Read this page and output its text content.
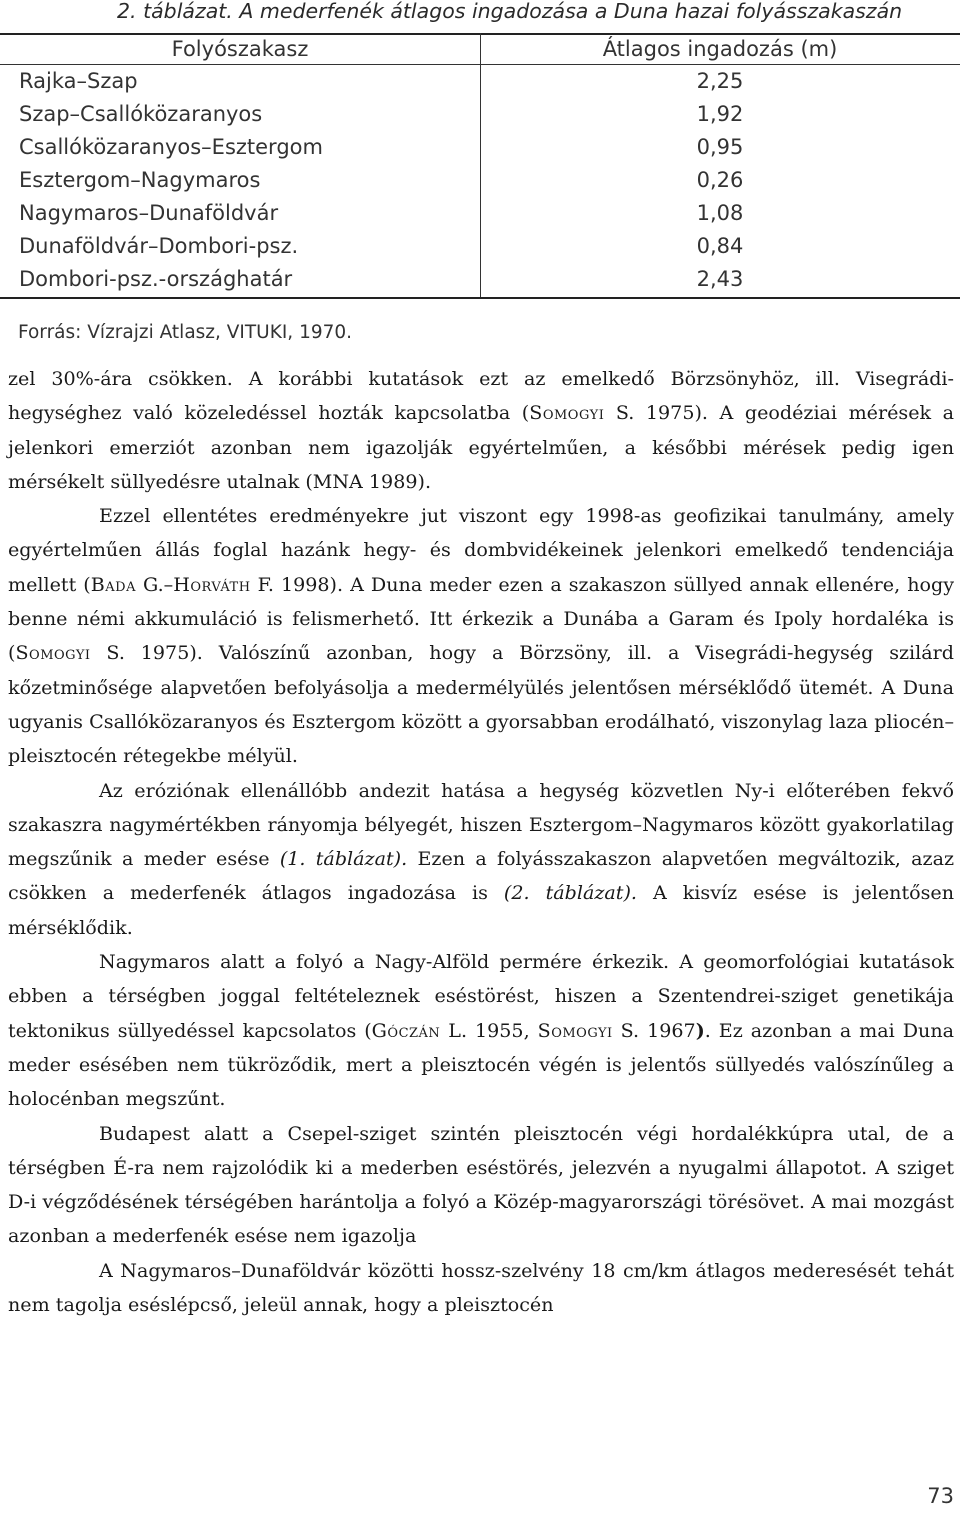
2. táblázat. A mederfenék átlagos ingadozása a Duna hazai folyásszakaszán
Folyószakasz	Átlagos ingadozás (m)
Rajka–Szap	2,25
Szap–Csallóközaranyos	1,92
Csallóközaranyos–Esztergom	0,95
Esztergom–Nagymaros	0,26
Nagymaros–Dunaföldvár	1,08
Dunaföldvár–Dombori-psz.	0,84
Dombori-psz.-országhatár	2,43
Forrás: Vízrajzi Atlasz, VITUKI, 1970.

zel 30%-ára csökken. A korábbi kutatások ezt az emelkedő Börzsönyhöz, ill. Visegrádi-hegységhez való közeledéssel hozták kapcsolatba (Somogyi S. 1975). A geodéziai mérések a jelenkori emerziót azonban nem igazolják egyértelműen, a későbbi mérések pedig igen mérsékelt süllyedésre utalnak (MNA 1989).

Ezzel ellentétes eredményekre jut viszont egy 1998-as geofizikai tanulmány, amely egyértelműen állás foglal hazánk hegy- és dombvidékeinek jelenkori emelkedő tendenciája mellett (Bada G.–Horváth F. 1998). A Duna meder ezen a szakaszon süllyed annak ellenére, hogy benne némi akkumuláció is felismerhető. Itt érkezik a Dunába a Garam és Ipoly hordaléka is (Somogyi S. 1975). Valószínű azonban, hogy a Börzsöny, ill. a Visegrádi-hegység szilárd kőzetminősége alapvetően befolyásolja a medermélyülés jelentősen mérséklődő ütemét. A Duna ugyanis Csallóközaranyos és Esztergom között a gyorsabban erodálható, viszonylag laza pliocén–pleisztocén rétegekbe mélyül.

Az eróziónak ellenállóbb andezit hatása a hegység közvetlen Ny-i előterében fekvő szakaszra nagymértékben rányomja bélyegét, hiszen Esztergom–Nagymaros között gyakorlatilag megszűnik a meder esése (1. táblázat). Ezen a folyásszakaszon alapvetően megváltozik, azaz csökken a mederfenék átlagos ingadozása is (2. táblázat). A kisvíz esése is jelentősen mérséklődik.

Nagymaros alatt a folyó a Nagy-Alföld permére érkezik. A geomorfológiai kutatások ebben a térségben joggal feltételeznek eséstörést, hiszen a Szentendrei-sziget genetikája tektonikus süllyedéssel kapcsolatos (Góczán L. 1955, Somogyi S. 1967). Ez azonban a mai Duna meder esésében nem tükröződik, mert a pleisztocén végén is jelentős süllyedés valószínűleg a holocénban megszűnt.

Budapest alatt a Csepel-sziget szintén pleisztocén végi hordalékkúpra utal, de a térségben É-ra nem rajzolódik ki a mederben eséstörés, jelezvén a nyugalmi állapotot. A sziget D-i végződésének térségében harántolja a folyó a Közép-magyarországi törésövet. A mai mozgást azonban a mederfenék esése nem igazolja

A Nagymaros–Dunaföldvár közötti hossz-szelvény 18 cm/km átlagos mederesését tehát nem tagolja eséslépcső, jeleül annak, hogy a pleisztocén

73
